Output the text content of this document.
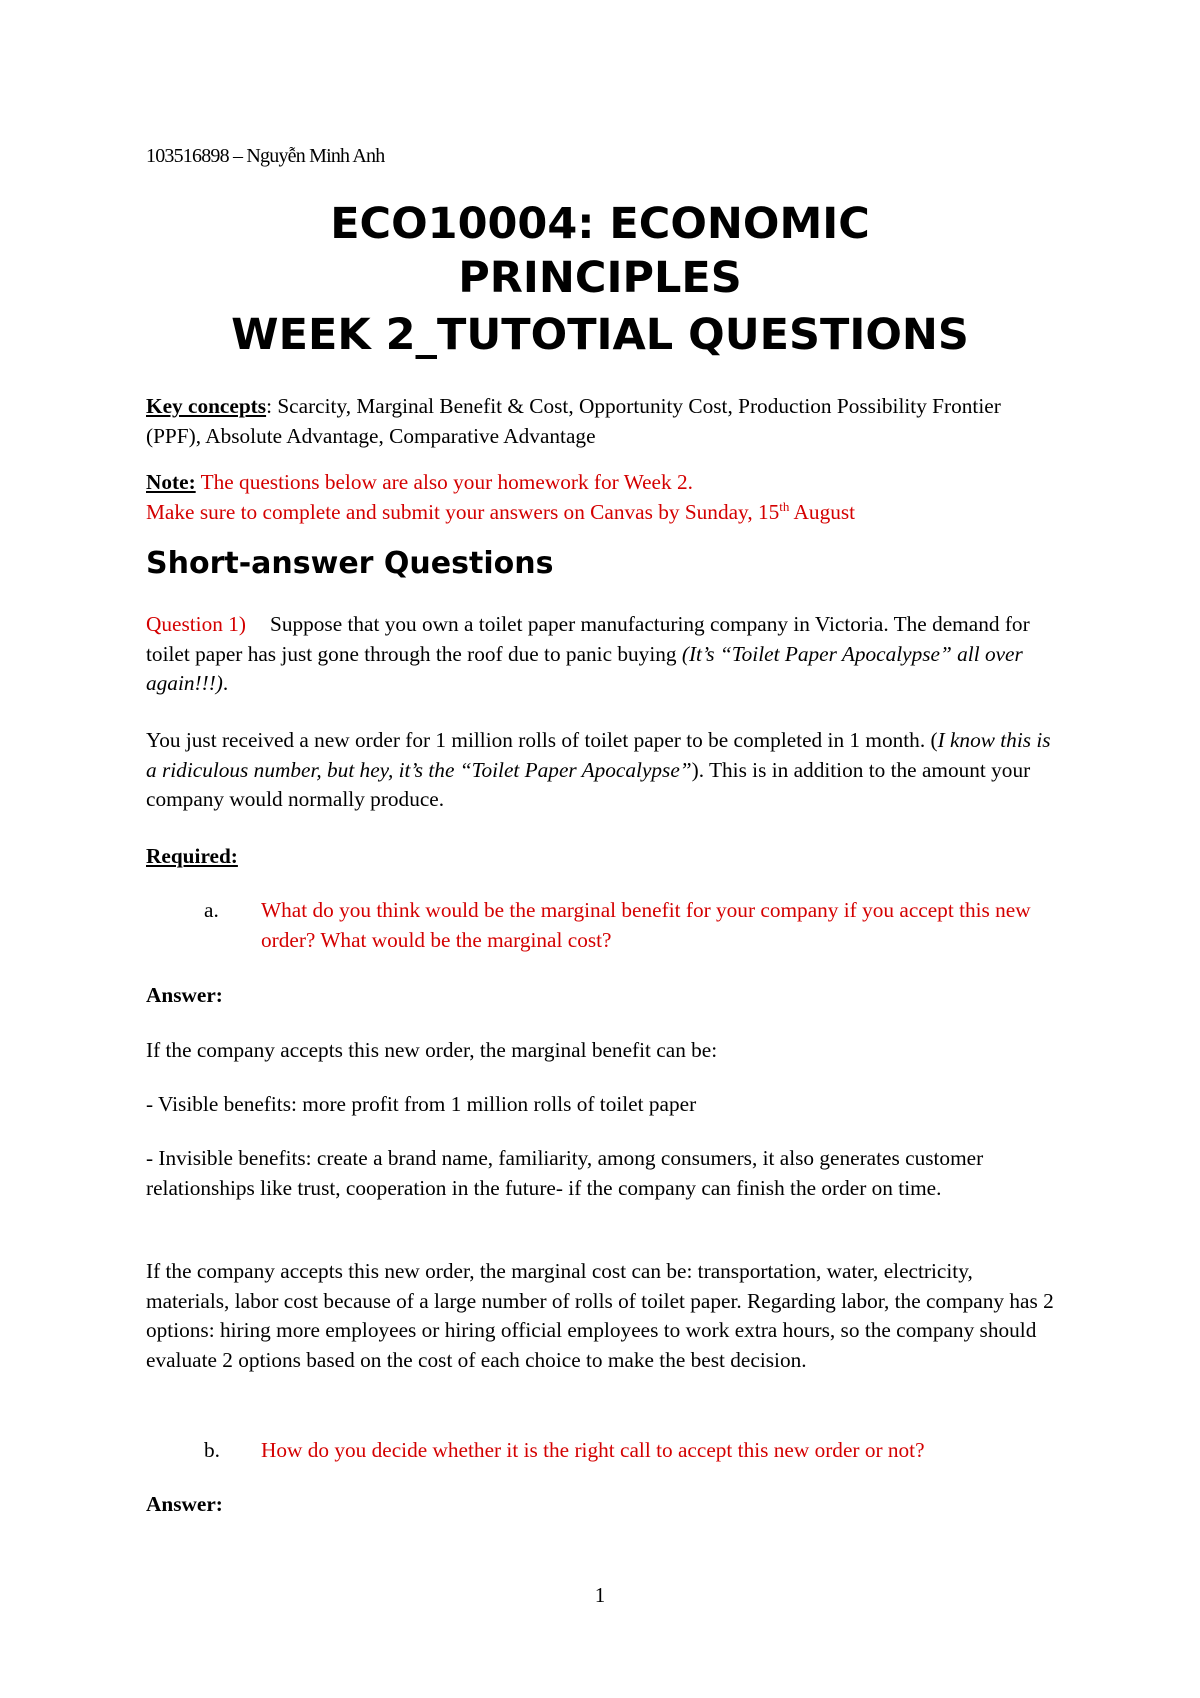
103516898 – Nguyễn Minh Anh
ECO10004: ECONOMIC
PRINCIPLES
WEEK 2_TUTOTIAL QUESTIONS
Key concepts: Scarcity, Marginal Benefit & Cost, Opportunity Cost, Production Possibility Frontier (PPF), Absolute Advantage, Comparative Advantage
Note: The questions below are also your homework for Week 2.
Make sure to complete and submit your answers on Canvas by Sunday, 15th August
Short-answer Questions
Question 1) Suppose that you own a toilet paper manufacturing company in Victoria. The demand for toilet paper has just gone through the roof due to panic buying (It’s “Toilet Paper Apocalypse” all over again!!!).
You just received a new order for 1 million rolls of toilet paper to be completed in 1 month. (I know this is a ridiculous number, but hey, it’s the “Toilet Paper Apocalypse”). This is in addition to the amount your company would normally produce.
Required:
a. What do you think would be the marginal benefit for your company if you accept this new order? What would be the marginal cost?
Answer:
If the company accepts this new order, the marginal benefit can be:
- Visible benefits: more profit from 1 million rolls of toilet paper
- Invisible benefits: create a brand name, familiarity, among consumers, it also generates customer relationships like trust, cooperation in the future- if the company can finish the order on time.
If the company accepts this new order, the marginal cost can be: transportation, water, electricity, materials, labor cost because of a large number of rolls of toilet paper. Regarding labor, the company has 2 options: hiring more employees or hiring official employees to work extra hours, so the company should evaluate 2 options based on the cost of each choice to make the best decision.
b. How do you decide whether it is the right call to accept this new order or not?
Answer:
1
